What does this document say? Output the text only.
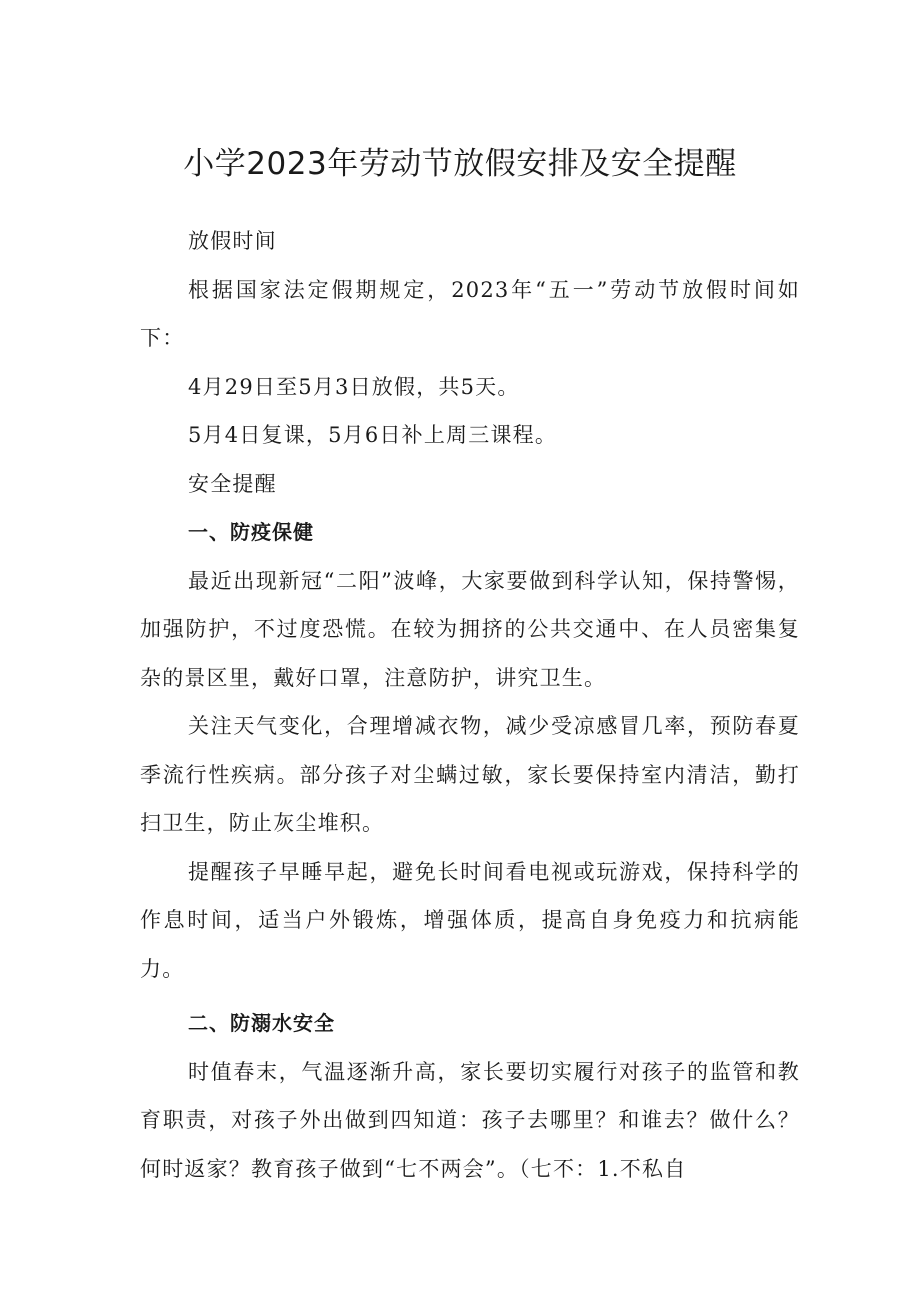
小学2023年劳动节放假安排及安全提醒

放假时间

根据国家法定假期规定，2023年“五一”劳动节放假时间如下：

4月29日至5月3日放假，共5天。

5月4日复课，5月6日补上周三课程。

安全提醒

一、防疫保健

最近出现新冠“二阳”波峰，大家要做到科学认知，保持警惕，加强防护，不过度恐慌。在较为拥挤的公共交通中、在人员密集复杂的景区里，戴好口罩，注意防护，讲究卫生。

关注天气变化，合理增减衣物，减少受凉感冒几率，预防春夏季流行性疾病。部分孩子对尘螨过敏，家长要保持室内清洁，勤打扫卫生，防止灰尘堆积。

提醒孩子早睡早起，避免长时间看电视或玩游戏，保持科学的作息时间，适当户外锻炼，增强体质，提高自身免疫力和抗病能力。

二、防溺水安全

时值春末，气温逐渐升高，家长要切实履行对孩子的监管和教育职责，对孩子外出做到四知道：孩子去哪里？和谁去？做什么？何时返家？教育孩子做到“七不两会”。（七不：1.不私自
